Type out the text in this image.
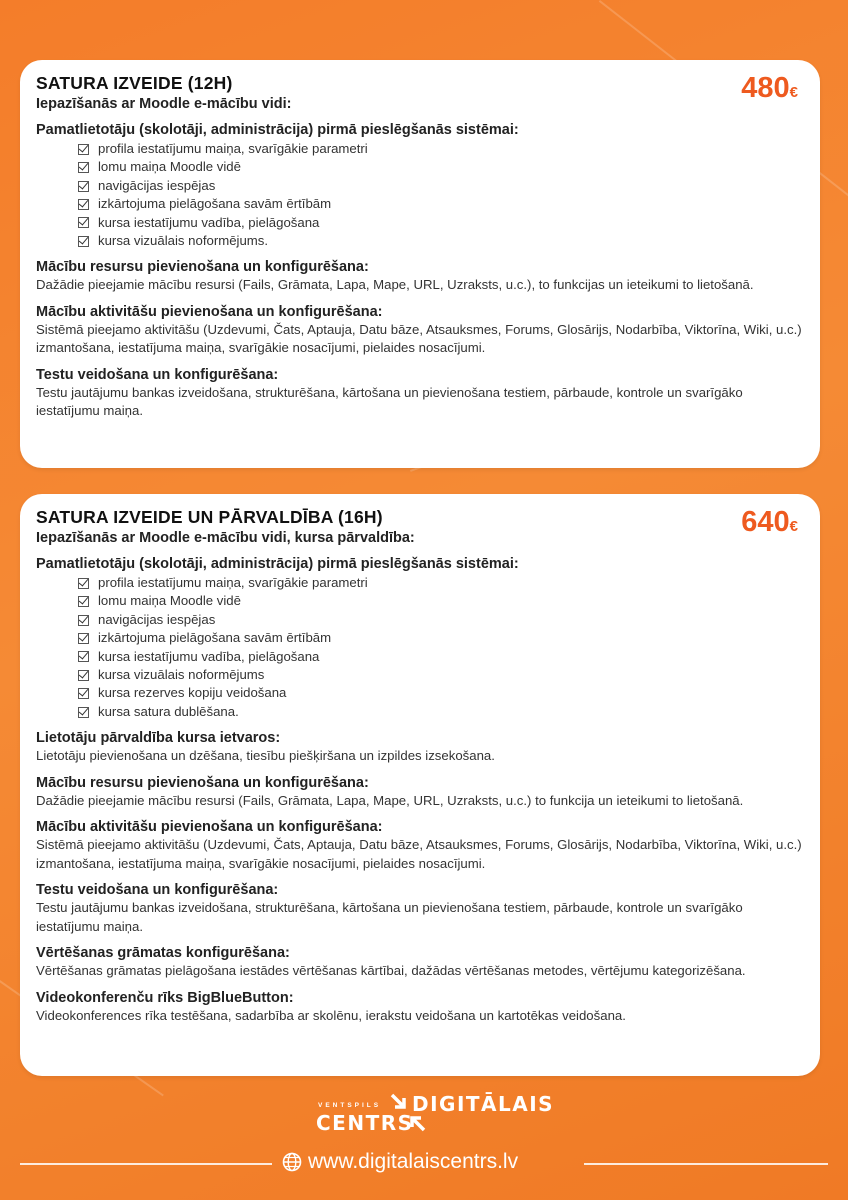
SATURA IZVEIDE (12H)	480€
Iepazīšanās ar Moodle e-mācību vidi:
Pamatlietotāju (skolotāji, administrācija) pirmā pieslēgšanās sistēmai:
profila iestatījumu maiņa, svarīgākie parametri
lomu maiņa Moodle vidē
navigācijas iespējas
izkārtojuma pielāgošana savām ērtībām
kursa iestatījumu vadība, pielāgošana
kursa vizuālais noformējums.
Mācību resursu pievienošana un konfigurēšana:
Dažādie pieejamie mācību resursi (Fails, Grāmata, Lapa, Mape, URL, Uzraksts, u.c.), to funkcijas un ieteikumi to lietošanā.
Mācību aktivitāšu pievienošana un konfigurēšana:
Sistēmā pieejamo aktivitāšu (Uzdevumi, Čats, Aptauja, Datu bāze, Atsauksmes, Forums, Glosārijs, Nodarbība, Viktorīna, Wiki, u.c.) izmantošana, iestatījuma maiņa, svarīgākie nosacījumi, pielaides nosacījumi.
Testu veidošana un konfigurēšana:
Testu jautājumu bankas izveidošana, strukturēšana, kārtošana un pievienošana testiem, pārbaude, kontrole un svarīgāko iestatījumu maiņa.
SATURA IZVEIDE UN PĀRVALDĪBA (16H)	640€
Iepazīšanās ar Moodle e-mācību vidi, kursa pārvaldība:
Pamatlietotāju (skolotāji, administrācija) pirmā pieslēgšanās sistēmai:
profila iestatījumu maiņa, svarīgākie parametri
lomu maiņa Moodle vidē
navigācijas iespējas
izkārtojuma pielāgošana savām ērtībām
kursa iestatījumu vadība, pielāgošana
kursa vizuālais noformējums
kursa rezerves kopiju veidošana
kursa satura dublēšana.
Lietotāju pārvaldība kursa ietvaros:
Lietotāju pievienošana un dzēšana, tiesību piešķiršana un izpildes izsekošana.
Mācību resursu pievienošana un konfigurēšana:
Dažādie pieejamie mācību resursi (Fails, Grāmata, Lapa, Mape, URL, Uzraksts, u.c.) to funkcija un ieteikumi to lietošanā.
Mācību aktivitāšu pievienošana un konfigurēšana:
Sistēmā pieejamo aktivitāšu (Uzdevumi, Čats, Aptauja, Datu bāze, Atsauksmes, Forums, Glosārijs, Nodarbība, Viktorīna, Wiki, u.c.) izmantošana, iestatījuma maiņa, svarīgākie nosacījumi, pielaides nosacījumi.
Testu veidošana un konfigurēšana:
Testu jautājumu bankas izveidošana, strukturēšana, kārtošana un pievienošana testiem, pārbaude, kontrole un svarīgāko iestatījumu maiņa.
Vērtēšanas grāmatas konfigurēšana:
Vērtēšanas grāmatas pielāgošana iestādes vērtēšanas kārtībai, dažādas vērtēšanas metodes, vērtējumu kategorizēšana.
Videokonferenču rīks BigBlueButton:
Videokonferences rīka testēšana, sadarbība ar skolēnu, ierakstu veidošana un kartotēkas veidošana.
VENTSPILS DIGITĀLAIS
CENTRS
www.digitalaiscentrs.lv
